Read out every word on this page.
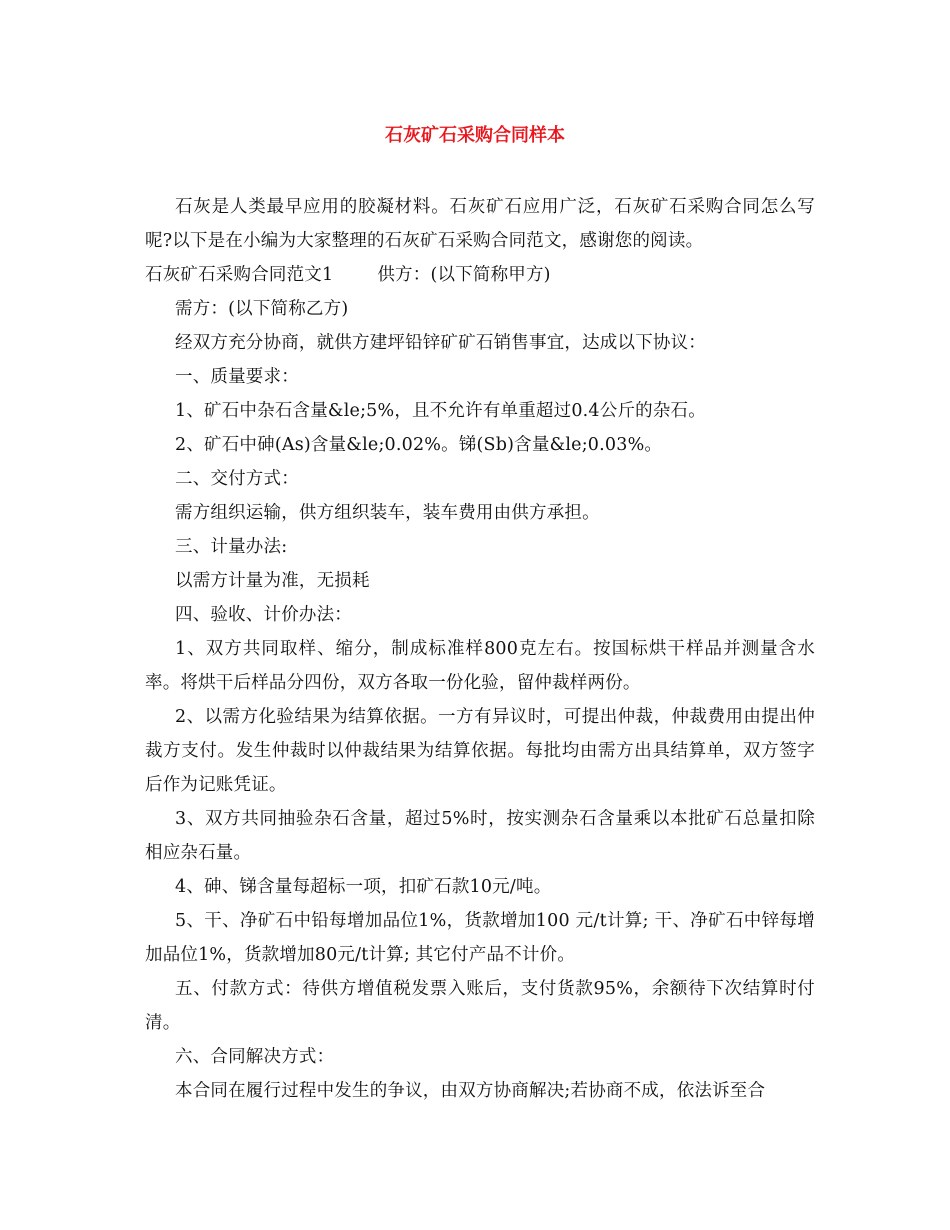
石灰矿石采购合同样本

石灰是人类最早应用的胶凝材料。石灰矿石应用广泛，石灰矿石采购合同怎么写呢?以下是在小编为大家整理的石灰矿石采购合同范文，感谢您的阅读。

石灰矿石采购合同范文1	供方：(以下简称甲方)

需方：(以下简称乙方)

经双方充分协商，就供方建坪铅锌矿矿石销售事宜，达成以下协议：

一、质量要求：

1、矿石中杂石含量&le;5%，且不允许有单重超过0.4公斤的杂石。

2、矿石中砷(As)含量&le;0.02%。锑(Sb)含量&le;0.03%。

二、交付方式：

需方组织运输，供方组织装车，装车费用由供方承担。

三、计量办法:

以需方计量为准，无损耗

四、验收、计价办法：

1、双方共同取样、缩分，制成标准样800克左右。按国标烘干样品并测量含水率。将烘干后样品分四份，双方各取一份化验，留仲裁样两份。

2、以需方化验结果为结算依据。一方有异议时，可提出仲裁，仲裁费用由提出仲裁方支付。发生仲裁时以仲裁结果为结算依据。每批均由需方出具结算单，双方签字后作为记账凭证。

3、双方共同抽验杂石含量，超过5%时，按实测杂石含量乘以本批矿石总量扣除相应杂石量。

4、砷、锑含量每超标一项，扣矿石款10元/吨。

5、干、净矿石中铅每增加品位1%，货款增加100 元/t计算; 干、净矿石中锌每增加品位1%，货款增加80元/t计算; 其它付产品不计价。

五、付款方式：待供方增值税发票入账后，支付货款95%，余额待下次结算时付清。

六、合同解决方式：

本合同在履行过程中发生的争议，由双方协商解决;若协商不成，依法诉至合
